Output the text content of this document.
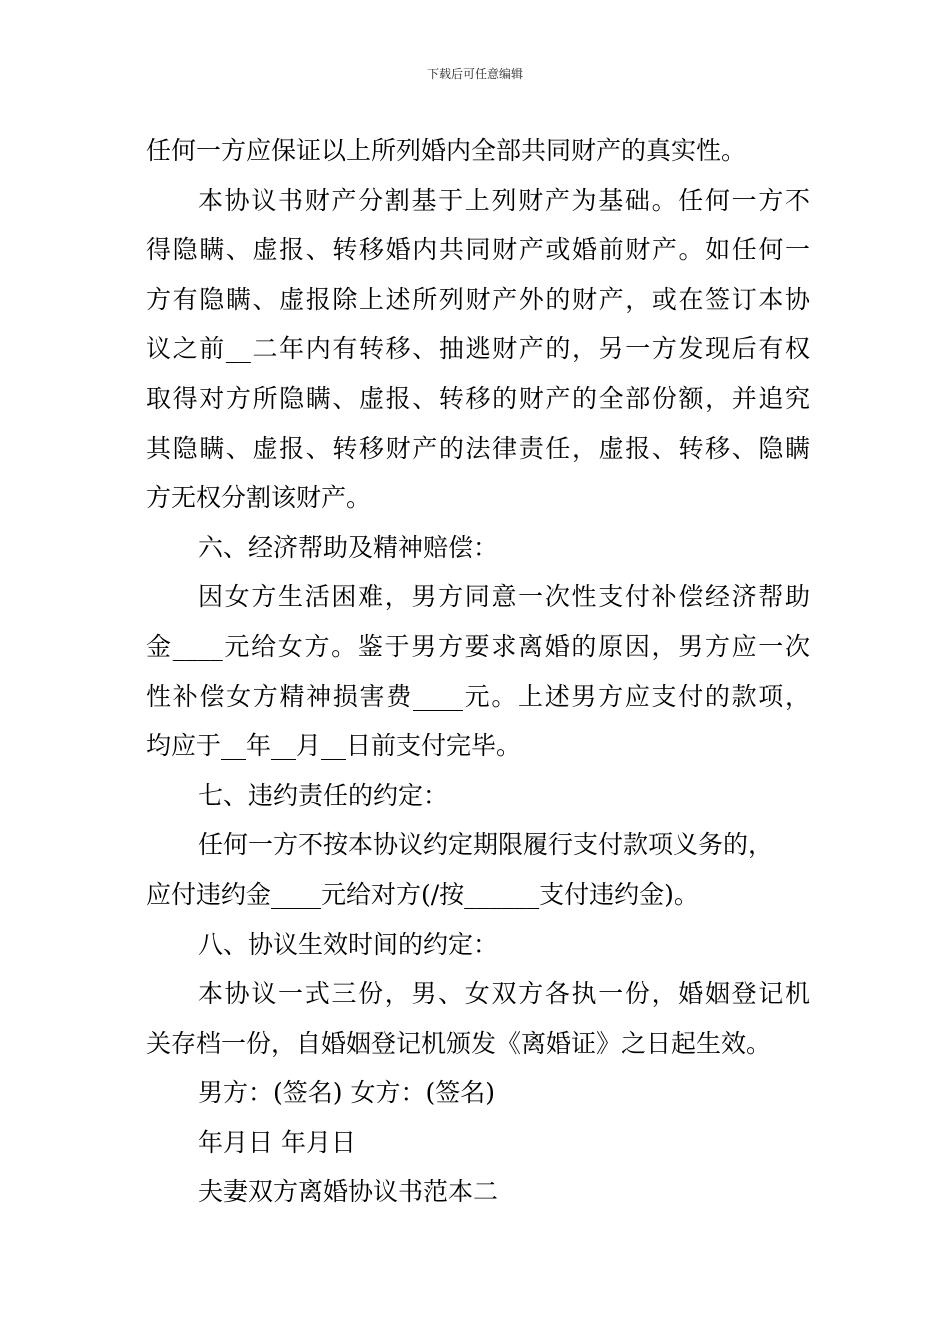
下载后可任意编辑
任何一方应保证以上所列婚内全部共同财产的真实性。
本协议书财产分割基于上列财产为基础。任何一方不
得隐瞒、虚报、转移婚内共同财产或婚前财产。如任何一
方有隐瞒、虚报除上述所列财产外的财产，或在签订本协
议之前__二年内有转移、抽逃财产的，另一方发现后有权
取得对方所隐瞒、虚报、转移的财产的全部份额，并追究
其隐瞒、虚报、转移财产的法律责任，虚报、转移、隐瞒
方无权分割该财产。
六、经济帮助及精神赔偿：
因女方生活困难，男方同意一次性支付补偿经济帮助
金____元给女方。鉴于男方要求离婚的原因，男方应一次
性补偿女方精神损害费____元。上述男方应支付的款项，
均应于__年__月__日前支付完毕。
七、违约责任的约定：
任何一方不按本协议约定期限履行支付款项义务的，
应付违约金____元给对方(/按______支付违约金)。
八、协议生效时间的约定：
本协议一式三份，男、女双方各执一份，婚姻登记机
关存档一份，自婚姻登记机颁发《离婚证》之日起生效。
男方：(签名) 女方：(签名)
年月日 年月日
夫妻双方离婚协议书范本二
